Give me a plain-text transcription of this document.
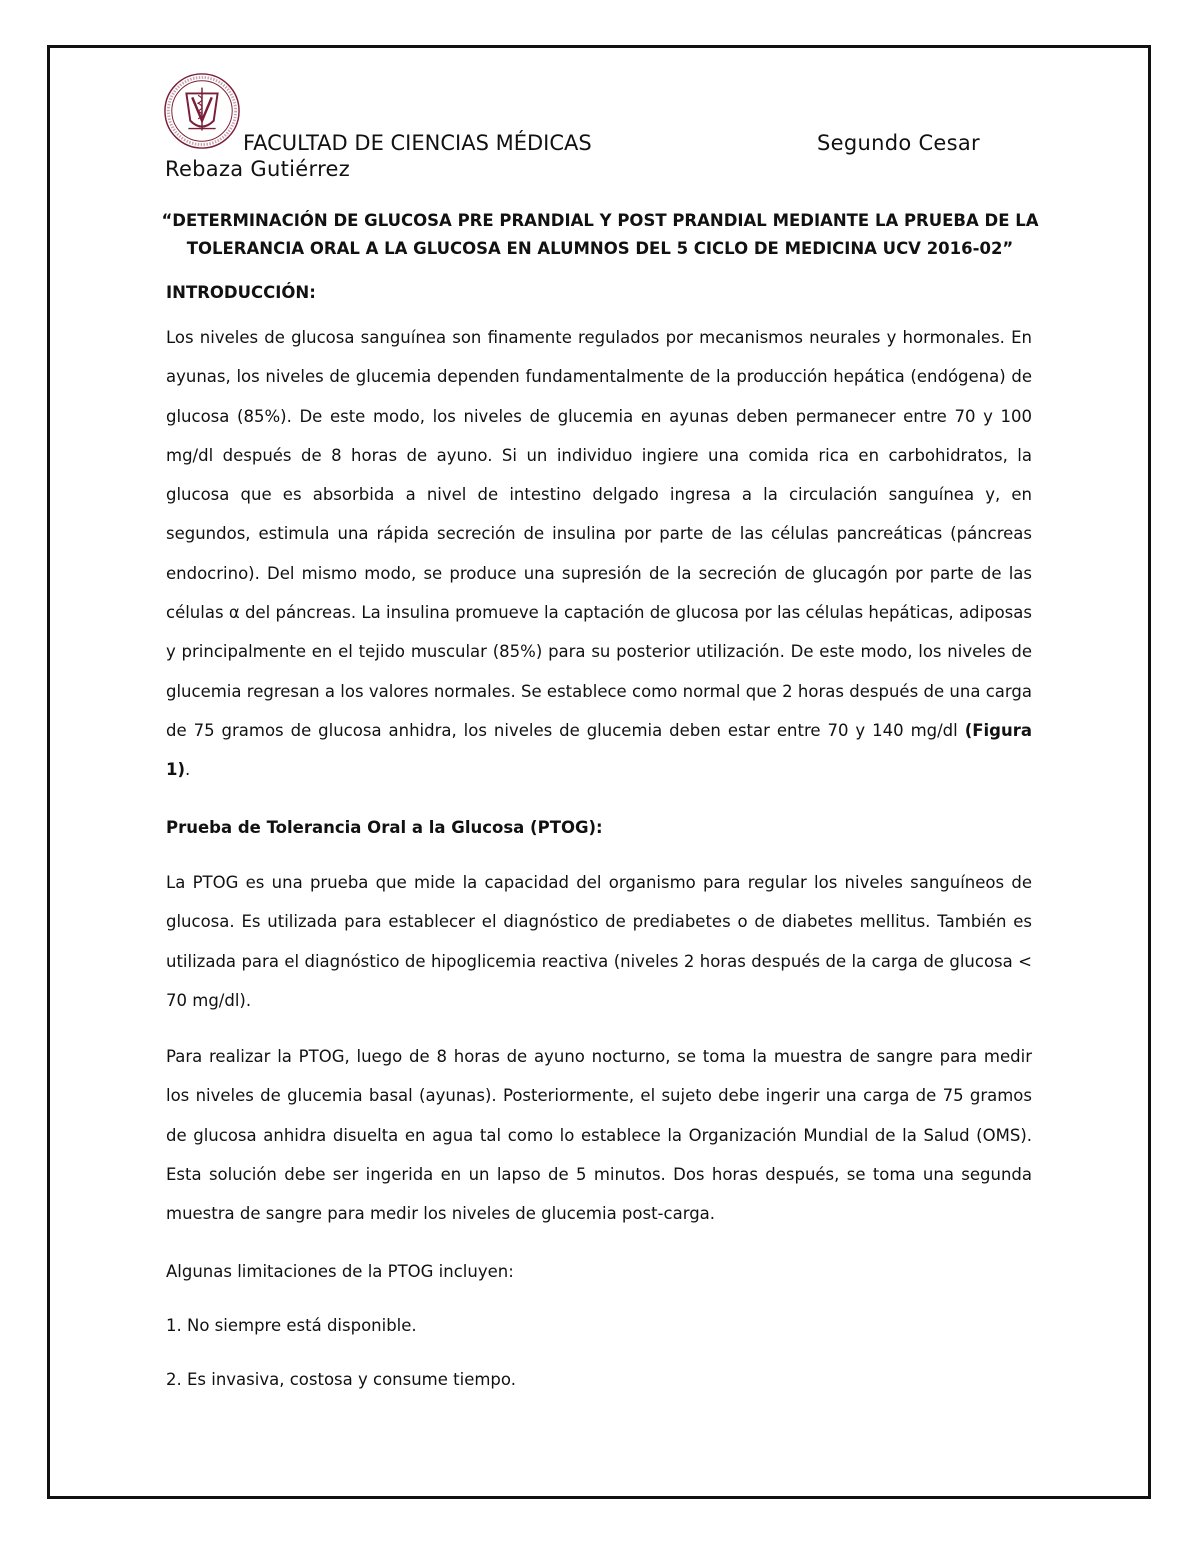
Segundo Cesar Rebaza Gutiérrez
FACULTAD DE CIENCIAS MÉDICAS
“DETERMINACIÓN DE GLUCOSA PRE PRANDIAL Y POST PRANDIAL MEDIANTE LA PRUEBA DE LA
TOLERANCIA ORAL A LA GLUCOSA EN ALUMNOS DEL 5 CICLO DE MEDICINA UCV 2016-02”
INTRODUCCIÓN:
Los niveles de glucosa sanguínea son finamente regulados por mecanismos neurales y hormonales. En ayunas, los niveles de glucemia dependen fundamentalmente de la producción hepática (endógena) de glucosa (85%). De este modo, los niveles de glucemia en ayunas deben permanecer entre 70 y 100 mg/dl después de 8 horas de ayuno. Si un individuo ingiere una comida rica en carbohidratos, la glucosa que es absorbida a nivel de intestino delgado ingresa a la circulación sanguínea y, en segundos, estimula una rápida secreción de insulina por parte de las células pancreáticas (páncreas endocrino). Del mismo modo, se produce una supresión de la secreción de glucagón por parte de las células α del páncreas. La insulina promueve la captación de glucosa por las células hepáticas, adiposas y principalmente en el tejido muscular (85%) para su posterior utilización. De este modo, los niveles de glucemia regresan a los valores normales. Se establece como normal que 2 horas después de una carga de 75 gramos de glucosa anhidra, los niveles de glucemia deben estar entre 70 y 140 mg/dl (Figura 1).
Prueba de Tolerancia Oral a la Glucosa (PTOG):
La PTOG es una prueba que mide la capacidad del organismo para regular los niveles sanguíneos de glucosa. Es utilizada para establecer el diagnóstico de prediabetes o de diabetes mellitus. También es utilizada para el diagnóstico de hipoglicemia reactiva (niveles 2 horas después de la carga de glucosa < 70 mg/dl).
Para realizar la PTOG, luego de 8 horas de ayuno nocturno, se toma la muestra de sangre para medir los niveles de glucemia basal (ayunas). Posteriormente, el sujeto debe ingerir una carga de 75 gramos de glucosa anhidra disuelta en agua tal como lo establece la Organización Mundial de la Salud (OMS). Esta solución debe ser ingerida en un lapso de 5 minutos. Dos horas después, se toma una segunda muestra de sangre para medir los niveles de glucemia post-carga.
Algunas limitaciones de la PTOG incluyen:
1. No siempre está disponible.
2. Es invasiva, costosa y consume tiempo.
